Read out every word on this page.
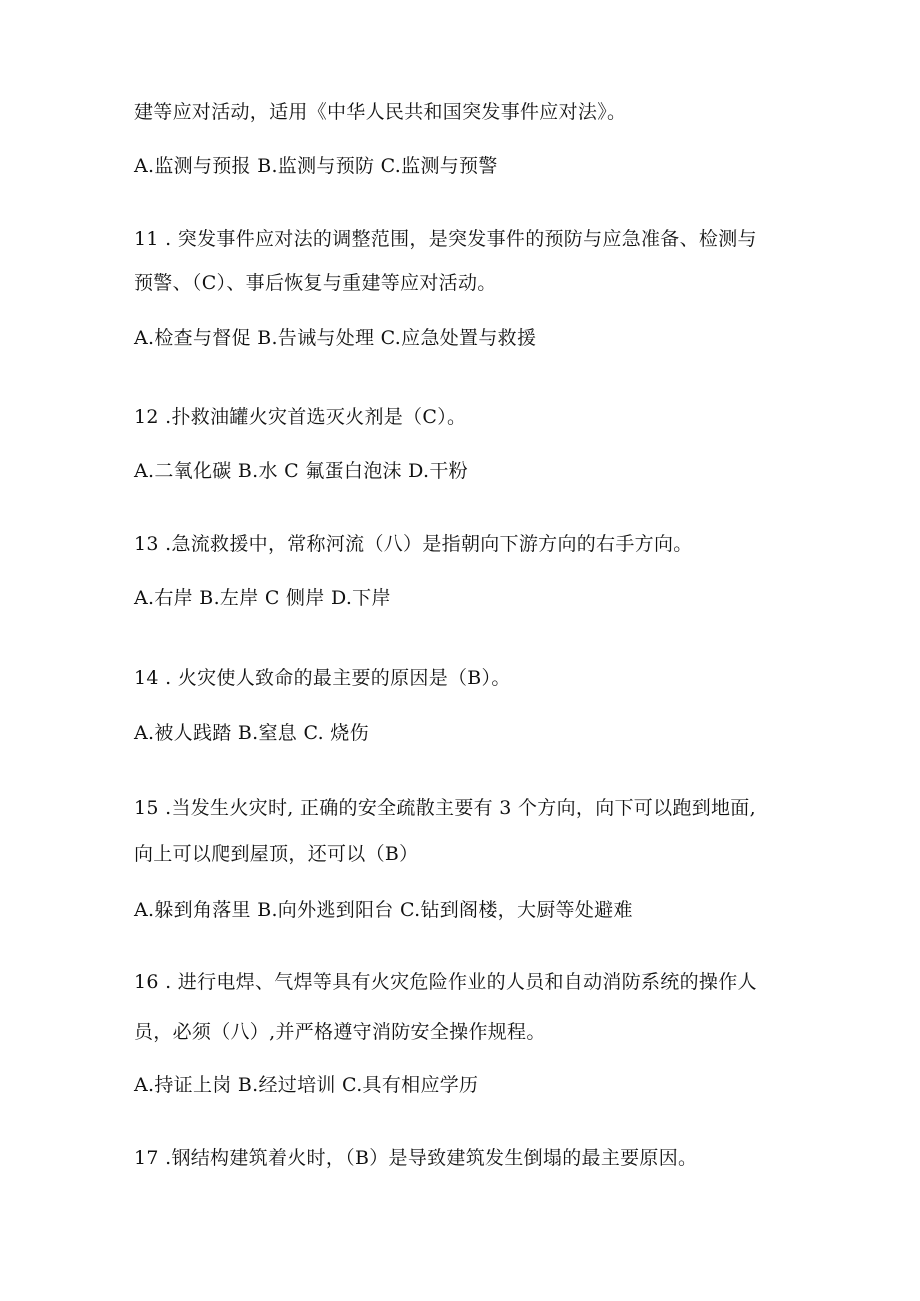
建等应对活动，适用《中华人民共和国突发事件应对法》。
A.监测与预报 B.监测与预防 C.监测与预警
11 . 突发事件应对法的调整范围，是突发事件的预防与应急准备、检测与
预警、（C）、事后恢复与重建等应对活动。
A.检查与督促 B.告诫与处理 C.应急处置与救援
12 .扑救油罐火灾首选灭火剂是（C）。
A.二氧化碳 B.水 C 氟蛋白泡沫 D.干粉
13 .急流救援中，常称河流（八）是指朝向下游方向的右手方向。
A.右岸 B.左岸 C 侧岸 D.下岸
14 . 火灾使人致命的最主要的原因是（B）。
A.被人践踏 B.窒息 C. 烧伤
15 .当发生火灾时, 正确的安全疏散主要有 3 个方向，向下可以跑到地面,
向上可以爬到屋顶，还可以（B）
A.躲到角落里 B.向外逃到阳台 C.钻到阁楼，大厨等处避难
16 . 进行电焊、气焊等具有火灾危险作业的人员和自动消防系统的操作人
员，必须（八）,并严格遵守消防安全操作规程。
A.持证上岗 B.经过培训 C.具有相应学历
17 .钢结构建筑着火时，（B）是导致建筑发生倒塌的最主要原因。
